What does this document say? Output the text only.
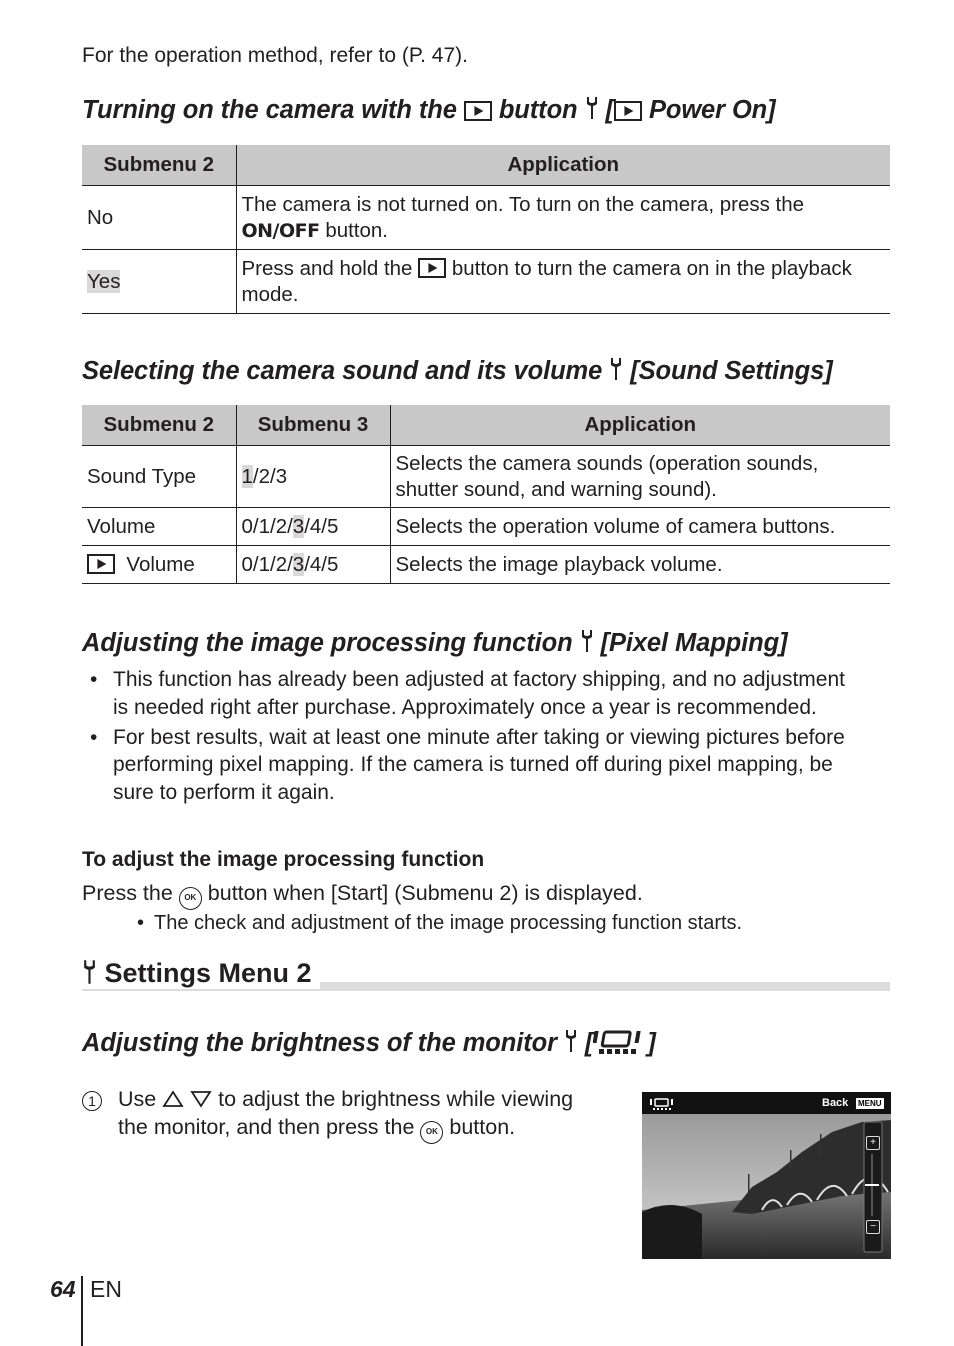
For the operation method, refer to (P. 47).
Turning on the camera with the button [ Power On]
Submenu 2	Application
No	The camera is not turned on. To turn on the camera, press the
ON/OFF button.
Yes	Press and hold the button to turn the camera on in the playback mode.
Selecting the camera sound and its volume [Sound Settings]
Submenu 2	Submenu 3	Application
Sound Type	1/2/3	Selects the camera sounds (operation sounds, shutter sound, and warning sound).
Volume	0/1/2/3/4/5	Selects the operation volume of camera buttons.
Volume	0/1/2/3/4/5	Selects the image playback volume.
Adjusting the image processing function [Pixel Mapping]
• This function has already been adjusted at factory shipping, and no adjustment is needed right after purchase. Approximately once a year is recommended.
• For best results, wait at least one minute after taking or viewing pictures before performing pixel mapping. If the camera is turned off during pixel mapping, be sure to perform it again.
To adjust the image processing function
Press the OK button when [Start] (Submenu 2) is displayed.
• The check and adjustment of the image processing function starts.
Settings Menu 2
Adjusting the brightness of the monitor [ ]
1 Use	to adjust the brightness while viewing
the monitor, and then press the OK button.
Back MENU
+
−
64 EN
